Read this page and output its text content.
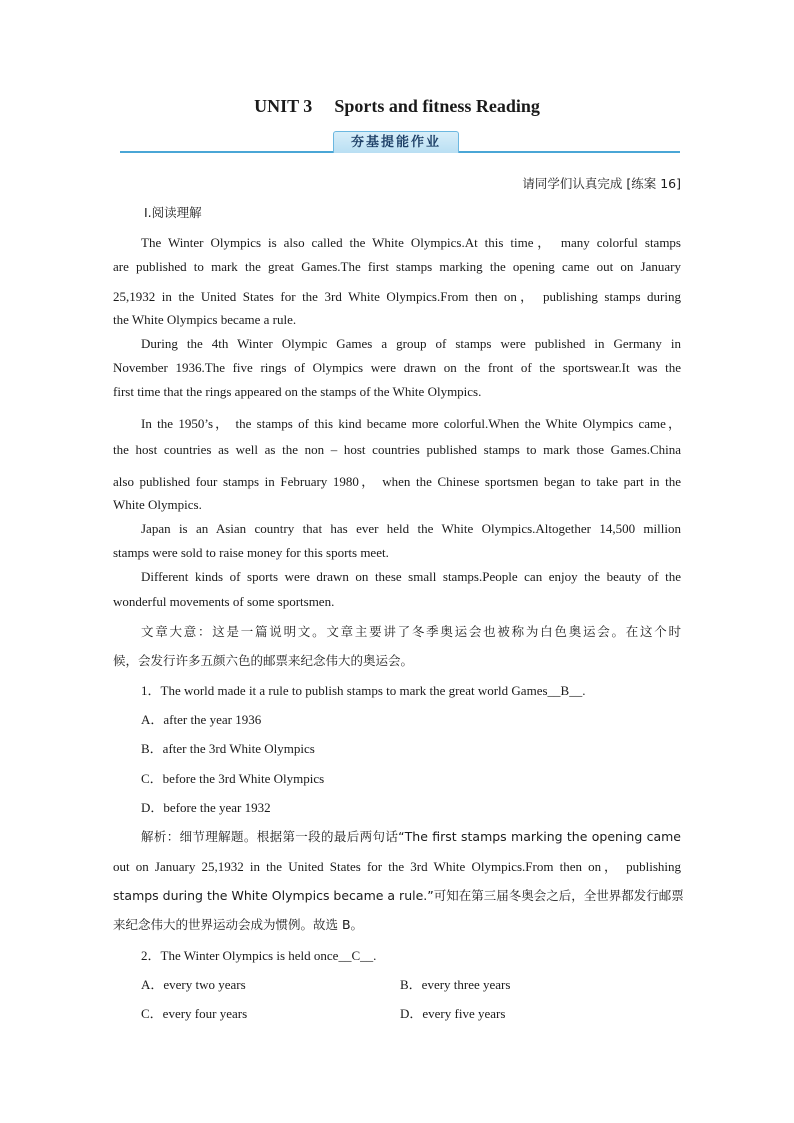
UNIT 3 Sports and fitness Reading
夯基提能作业
请同学们认真完成 [练案 16]
Ⅰ.阅读理解
The Winter Olympics is also called the White Olympics.At this time， many colorful stamps
are published to mark the great Games.The first stamps marking the opening came out on January
25,1932 in the United States for the 3rd White Olympics.From then on， publishing stamps during
the White Olympics became a rule.
During the 4th Winter Olympic Games a group of stamps were published in Germany in
November 1936.The five rings of Olympics were drawn on the front of the sportswear.It was the
first time that the rings appeared on the stamps of the White Olympics.
In the 1950’s， the stamps of this kind became more colorful.When the White Olympics came，
the host countries as well as the non – host countries published stamps to mark those Games.China
also published four stamps in February 1980， when the Chinese sportsmen began to take part in the
White Olympics.
Japan is an Asian country that has ever held the White Olympics.Altogether 14,500 million
stamps were sold to raise money for this sports meet.
Different kinds of sports were drawn on these small stamps.People can enjoy the beauty of the
wonderful movements of some sportsmen.
文章大意：这是一篇说明文。文章主要讲了冬季奥运会也被称为白色奥运会。在这个时
候，会发行许多五颜六色的邮票来纪念伟大的奥运会。
1．The world made it a rule to publish stamps to mark the great world Games__B__.
A．after the year 1936
B．after the 3rd White Olympics
C．before the 3rd White Olympics
D．before the year 1932
解析：细节理解题。根据第一段的最后两句话“The first stamps marking the opening came
out on January 25,1932 in the United States for the 3rd White Olympics.From then on， publishing
stamps during the White Olympics became a rule.”可知在第三届冬奥会之后，全世界都发行邮票
来纪念伟大的世界运动会成为惯例。故选 B。
2．The Winter Olympics is held once__C__.
A．every two years	B．every three years
C．every four years	D．every five years
